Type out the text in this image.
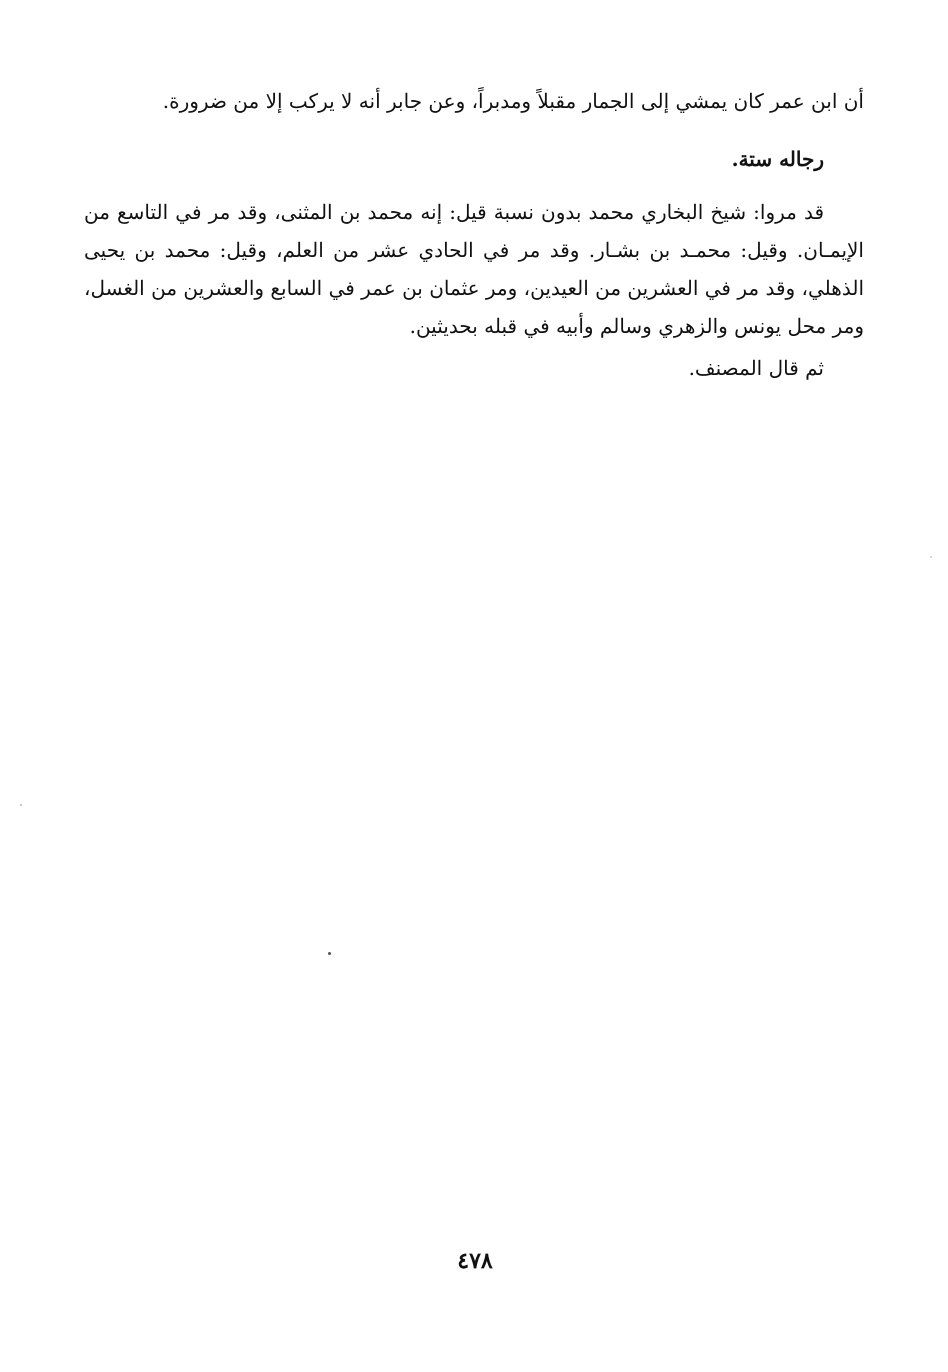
أن ابن عمر كان يمشي إلى الجمار مقبلاً ومدبراً، وعن جابر أنه لا يركب إلا من ضرورة.
رجاله ستة.
قد مروا: شيخ البخاري محمد بدون نسبة قيل: إنه محمد بن المثنى، وقد مر في التاسع من
الإيمـان. وقيل: محمـد بن بشـار. وقد مر في الحادي عشر من العلم، وقيل: محمد بن يحيى
الذهلي، وقد مر في العشرين من العيدين، ومر عثمان بن عمر في السابع والعشرين من الغسل،
ومر محل يونس والزهري وسالم وأبيه في قبله بحديثين.
ثم قال المصنف.
٤٧٨
